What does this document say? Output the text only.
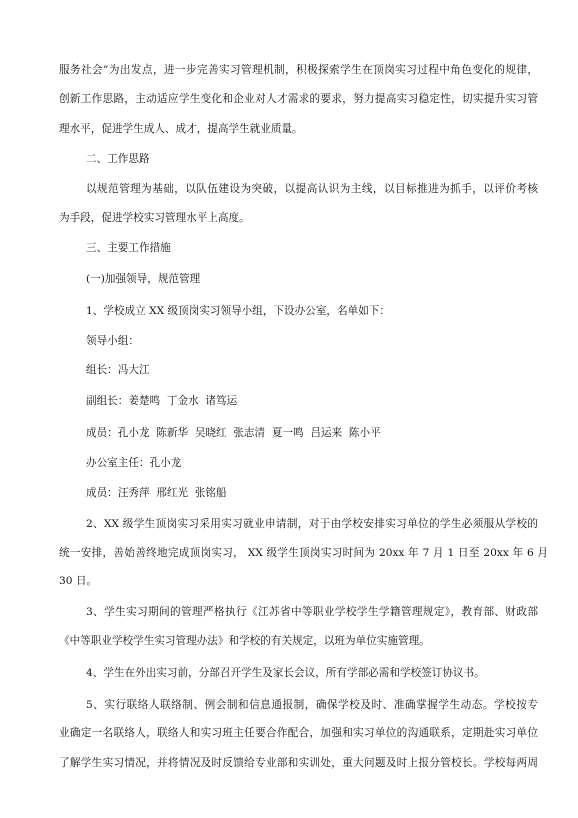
服务社会”为出发点，进一步完善实习管理机制，积极探索学生在顶岗实习过程中角色变化的规律，
创新工作思路，主动适应学生变化和企业对人才需求的要求，努力提高实习稳定性，切实提升实习管
理水平，促进学生成人、成才，提高学生就业质量。
二、工作思路
以规范管理为基础，以队伍建设为突破，以提高认识为主线，以目标推进为抓手，以评价考核
为手段，促进学校实习管理水平上高度。
三、主要工作措施
(一)加强领导，规范管理
1、学校成立 XX 级顶岗实习领导小组，下设办公室，名单如下：
领导小组：
组长：冯大江
副组长：姜楚鸣  丁金水  诸笃运
成员：孔小龙  陈新华  吴晓红  张志清  夏一鸣  吕运来  陈小平
办公室主任：孔小龙
成员：汪秀萍  邢红光  张铭船
2、XX 级学生顶岗实习采用实习就业申请制，对于由学校安排实习单位的学生必须服从学校的
统一安排，善始善终地完成顶岗实习， XX 级学生顶岗实习时间为 20xx 年 7 月 1 日至 20xx 年 6 月
30 日。
3、学生实习期间的管理严格执行《江苏省中等职业学校学生学籍管理规定》，教育部、财政部
《中等职业学校学生实习管理办法》和学校的有关规定，以班为单位实施管理。
4、学生在外出实习前，分部召开学生及家长会议，所有学部必需和学校签订协议书。
5、实行联络人联络制、例会制和信息通报制，确保学校及时、准确掌握学生动态。学校按专
业确定一名联络人，联络人和实习班主任要合作配合，加强和实习单位的沟通联系，定期赴实习单位
了解学生实习情况，并将情况及时反馈给专业部和实训处，重大问题及时上报分管校长。学校每两周
